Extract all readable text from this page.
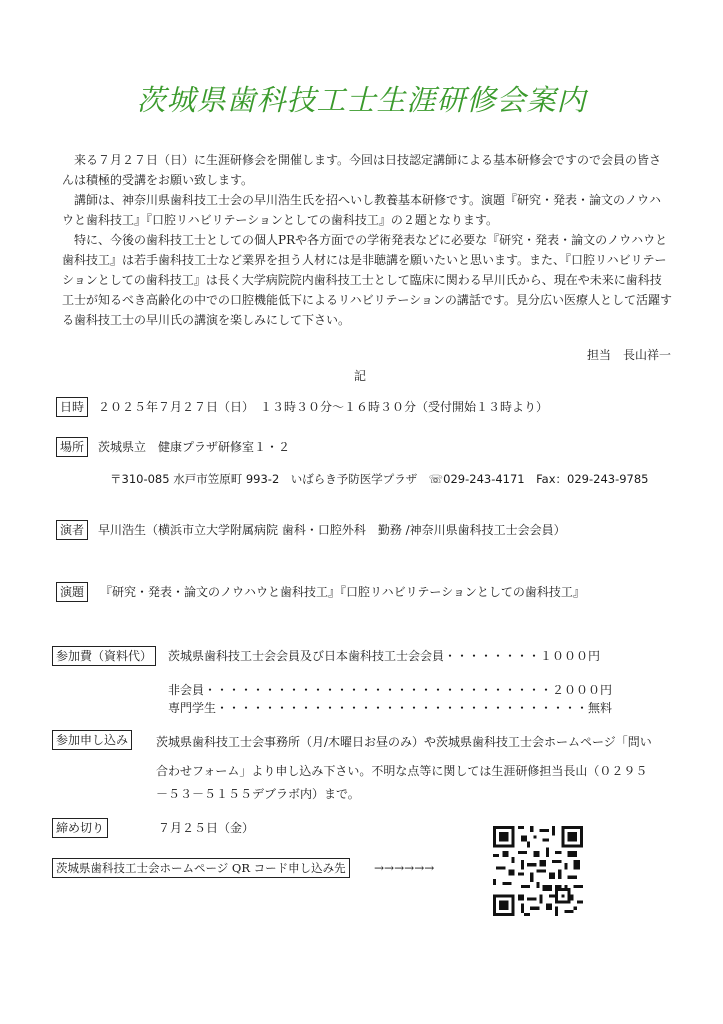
茨城県歯科技工士生涯研修会案内

来る７月２７日（日）に生涯研修会を開催します。今回は日技認定講師による基本研修会ですので会員の皆さんは積極的受講をお願い致します。

講師は、神奈川県歯科技工士会の早川浩生氏を招へいし教養基本研修です。演題『研究・発表・論文のノウハウと歯科技工』『口腔リハビリテーションとしての歯科技工』の２題となります。

特に、今後の歯科技工士としての個人PRや各方面での学術発表などに必要な『研究・発表・論文のノウハウと歯科技工』は若手歯科技工士など業界を担う人材には是非聴講を願いたいと思います。また、『口腔リハビリテーションとしての歯科技工』は長く大学病院院内歯科技工士として臨床に関わる早川氏から、現在や未来に歯科技工士が知るべき高齢化の中での口腔機能低下によるリハビリテーションの講話です。見分広い医療人として活躍する歯科技工士の早川氏の講演を楽しみにして下さい。

担当　長山祥一
記
日時	２０２５年７月２７日（日）　１３時３０分～１６時３０分（受付開始１３時より）
場所	茨城県立　健康プラザ研修室１・２
〒310-085 水戸市笠原町 993-2　いばらき予防医学プラザ　☏029-243-4171　Fax：029-243-9785
演者	早川浩生（横浜市立大学附属病院 歯科・口腔外科　勤務 /神奈川県歯科技工士会会員）
演題	『研究・発表・論文のノウハウと歯科技工』『口腔リハビリテーションとしての歯科技工』
参加費（資料代）	茨城県歯科技工士会会員及び日本歯科技工士会会員・・・・・・・・１０００円
非会員・・・・・・・・・・・・・・・・・・・・・・・・・・・・・２０００円
専門学生・・・・・・・・・・・・・・・・・・・・・・・・・・・・・・・無料
参加申し込み	茨城県歯科技工士会事務所（月/木曜日お昼のみ）や茨城県歯科技工士会ホームページ「問い
合わせフォーム」より申し込み下さい。不明な点等に関しては生涯研修担当長山（０２９５
－５３－５１５５デブラボ内）まで。
締め切り	７月２５日（金）
茨城県歯科技工士会ホームページ QR コード申し込み先	→→→→→→
